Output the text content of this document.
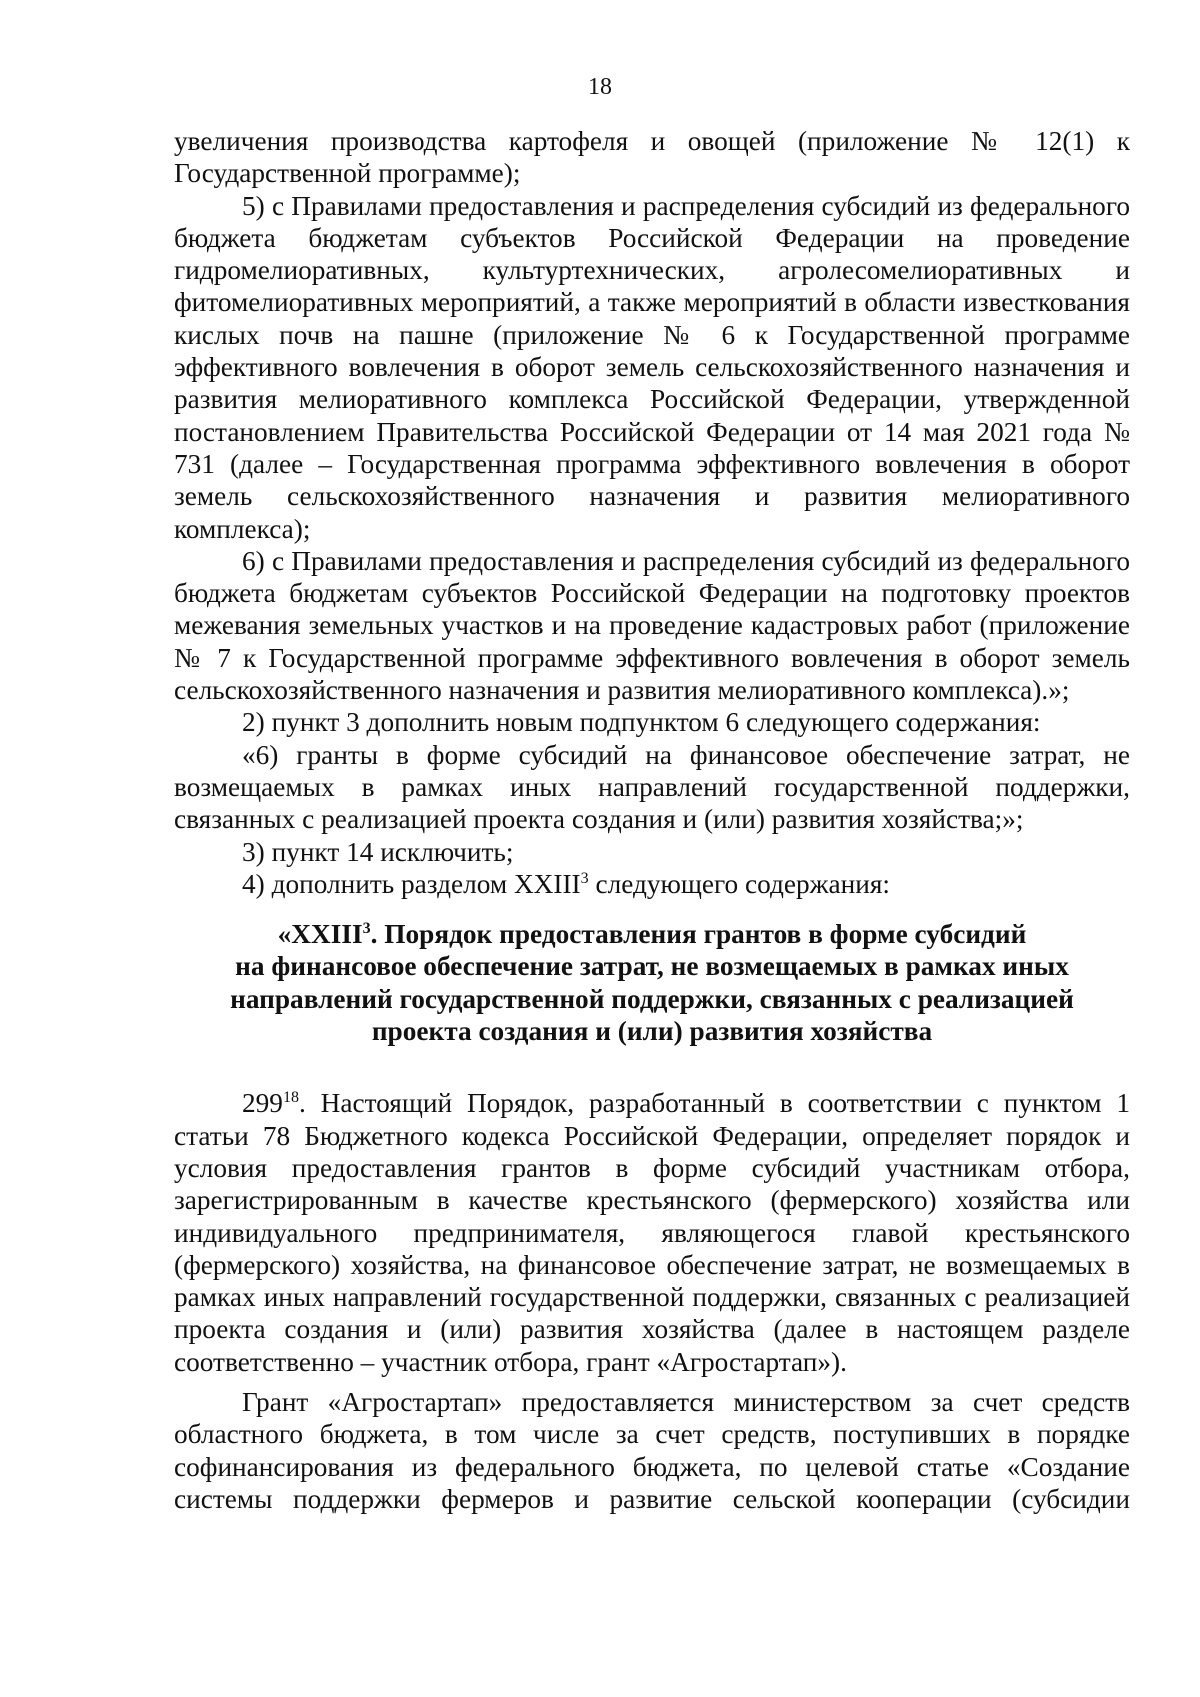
18

увеличения производства картофеля и овощей (приложение № 12(1) к Государственной программе);

5) с Правилами предоставления и распределения субсидий из федерального бюджета бюджетам субъектов Российской Федерации на проведение гидромелиоративных, культуртехнических, агролесомелиоративных и фитомелиоративных мероприятий, а также мероприятий в области известкования кислых почв на пашне (приложение № 6 к Государственной программе эффективного вовлечения в оборот земель сельскохозяйственного назначения и развития мелиоративного комплекса Российской Федерации, утвержденной постановлением Правительства Российской Федерации от 14 мая 2021 года № 731 (далее – Государственная программа эффективного вовлечения в оборот земель сельскохозяйственного назначения и развития мелиоративного комплекса);

6) с Правилами предоставления и распределения субсидий из федерального бюджета бюджетам субъектов Российской Федерации на подготовку проектов межевания земельных участков и на проведение кадастровых работ (приложение № 7 к Государственной программе эффективного вовлечения в оборот земель сельскохозяйственного назначения и развития мелиоративного комплекса).»;

2) пункт 3 дополнить новым подпунктом 6 следующего содержания:

«6) гранты в форме субсидий на финансовое обеспечение затрат, не возмещаемых в рамках иных направлений государственной поддержки, связанных с реализацией проекта создания и (или) развития хозяйства;»;

3) пункт 14 исключить;

4) дополнить разделом XXIII$^3$ следующего содержания:

«XXIII$^3$. Порядок предоставления грантов в форме субсидий
на финансовое обеспечение затрат, не возмещаемых в рамках иных
направлений государственной поддержки, связанных с реализацией
проекта создания и (или) развития хозяйства

$299^{18}$. Настоящий Порядок, разработанный в соответствии с пунктом 1 статьи 78 Бюджетного кодекса Российской Федерации, определяет порядок и условия предоставления грантов в форме субсидий участникам отбора, зарегистрированным в качестве крестьянского (фермерского) хозяйства или индивидуального предпринимателя, являющегося главой крестьянского (фермерского) хозяйства, на финансовое обеспечение затрат, не возмещаемых в рамках иных направлений государственной поддержки, связанных с реализацией проекта создания и (или) развития хозяйства (далее в настоящем разделе соответственно – участник отбора, грант «Агростартап»).

Грант «Агростартап» предоставляется министерством за счет средств областного бюджета, в том числе за счет средств, поступивших в порядке софинансирования из федерального бюджета, по целевой статье «Создание системы поддержки фермеров и развитие сельской кооперации (субсидии
